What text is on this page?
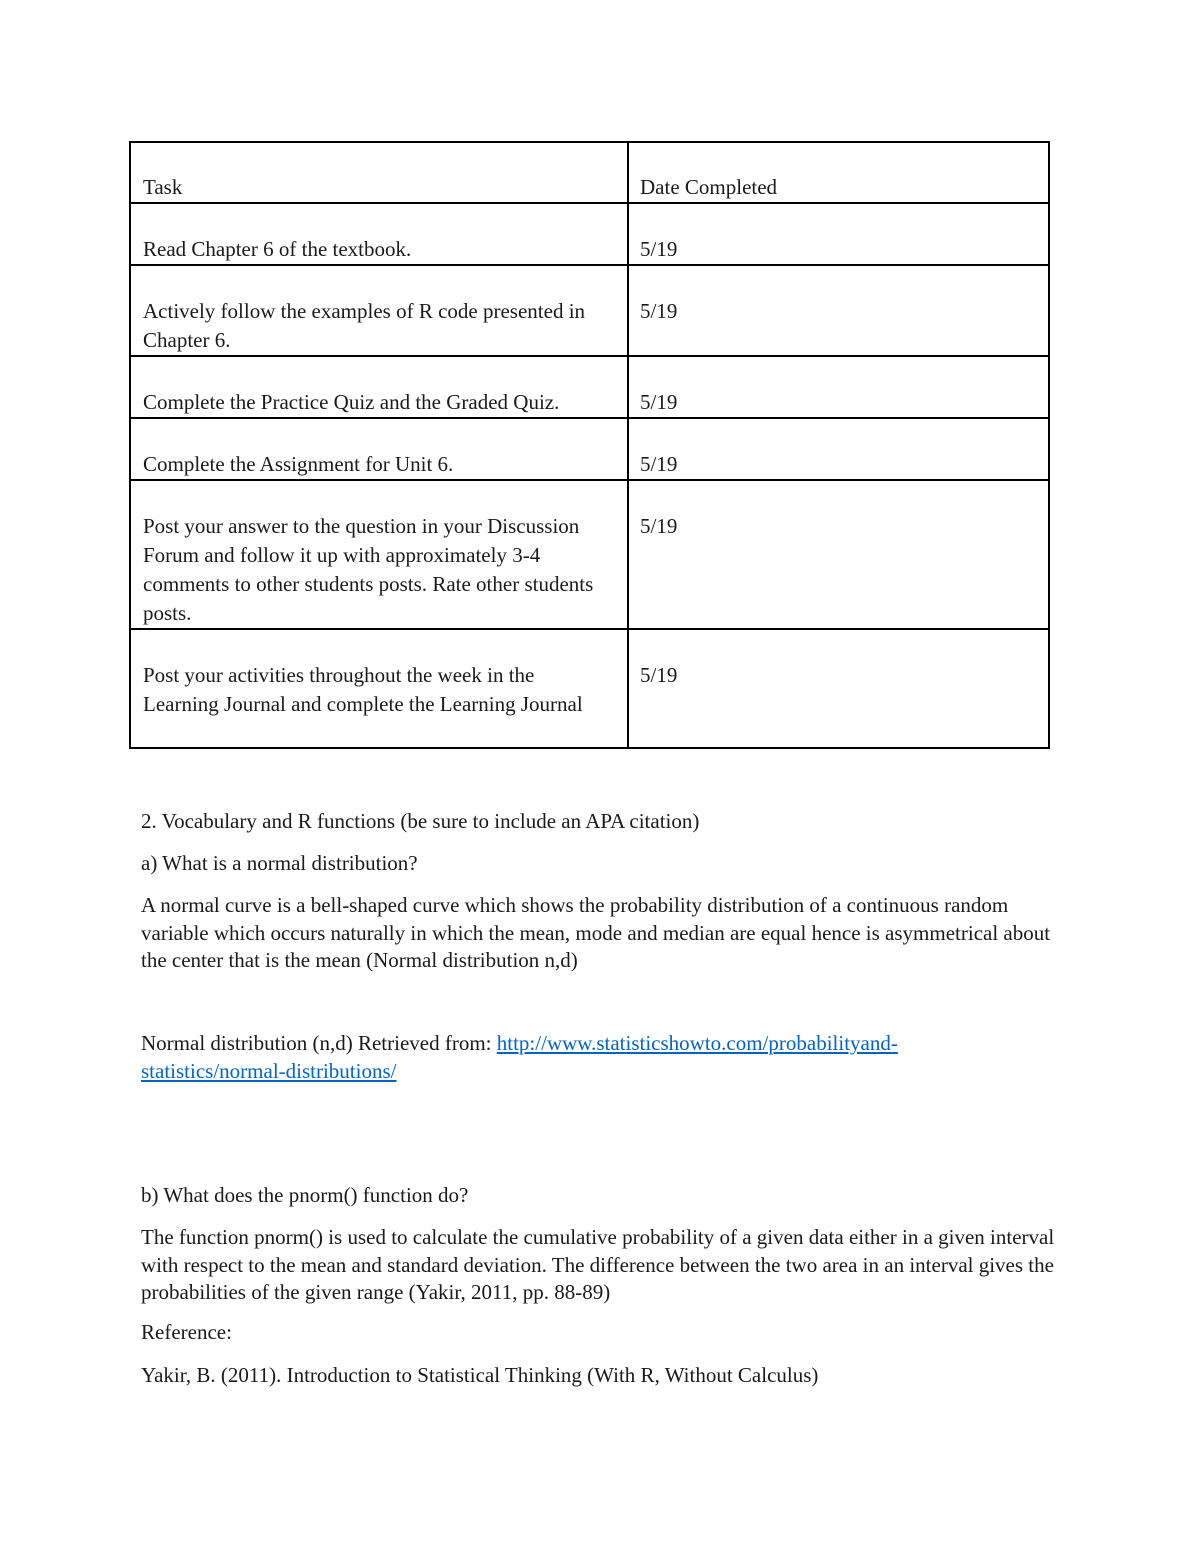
Task	Date Completed
Read Chapter 6 of the textbook.	5/19
Actively follow the examples of R code presented in Chapter 6.	5/19
Complete the Practice Quiz and the Graded Quiz.	5/19
Complete the Assignment for Unit 6.	5/19
Post your answer to the question in your Discussion Forum and follow it up with approximately 3-4 comments to other students posts. Rate other students posts.	5/19
Post your activities throughout the week in the Learning Journal and complete the Learning Journal	5/19

2. Vocabulary and R functions (be sure to include an APA citation)

a) What is a normal distribution?

A normal curve is a bell-shaped curve which shows the probability distribution of a continuous random variable which occurs naturally in which the mean, mode and median are equal hence is asymmetrical about the center that is the mean (Normal distribution n,d)

Normal distribution (n,d) Retrieved from: http://www.statisticshowto.com/probabilityand-statistics/normal-distributions/

b) What does the pnorm() function do?

The function pnorm() is used to calculate the cumulative probability of a given data either in a given interval with respect to the mean and standard deviation. The difference between the two area in an interval gives the probabilities of the given range (Yakir, 2011, pp. 88-89)

Reference:

Yakir, B. (2011). Introduction to Statistical Thinking (With R, Without Calculus)
